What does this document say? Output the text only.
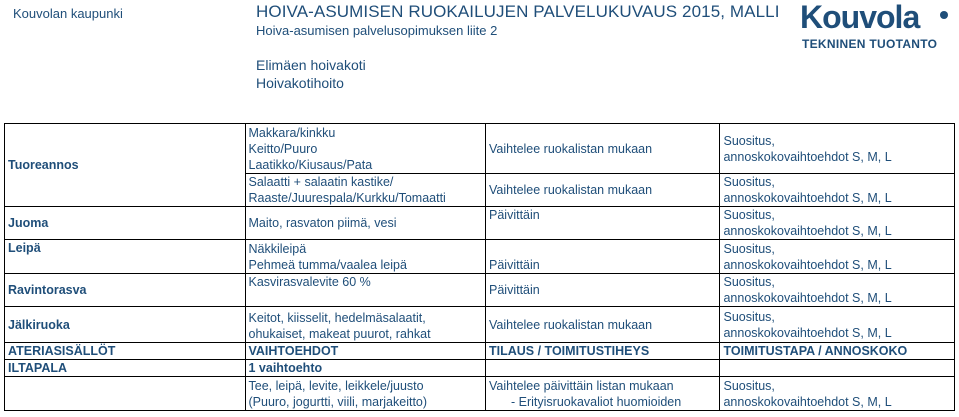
Kouvolan kaupunki	HOIVA-ASUMISEN RUOKAILUJEN PALVELUKUVAUS 2015, MALLI
Hoiva-asumisen palvelusopimuksen liite 2
Elimäen hoivakoti
Hoivakotihoito
Kouvola
TEKNINEN TUOTANTO
Tuoreannos	Makkara/kinkku
Keitto/Puuro
Laatikko/Kiusaus/Pata	Vaihtelee ruokalistan mukaan	Suositus,
annoskokovaihtoehdot S, M, L

	Salaatti + salaatin kastike/
Raaste/Juurespala/Kurkku/Tomaatti	Vaihtelee ruokalistan mukaan	Suositus,
annoskokovaihtoehdot S, M, L

Juoma	Maito, rasvaton piimä, vesi	Päivittäin	Suositus,
annoskokovaihtoehdot S, M, L

Leipä	Näkkileipä
Pehmeä tumma/vaalea leipä	Päivittäin	Suositus,
annoskokovaihtoehdot S, M, L

Ravintorasva	Kasvirasvalevite 60 %	Päivittäin	Suositus,
annoskokovaihtoehdot S, M, L

Jälkiruoka	Keitot, kiisselit, hedelmäsalaatit,
ohukaiset, makeat puurot, rahkat	Vaihtelee ruokalistan mukaan	Suositus,
annoskokovaihtoehdot S, M, L

ATERIASISÄLLÖT	VAIHTOEHDOT	TILAUS / TOIMITUSTIHEYS	TOIMITUSTAPA / ANNOSKOKO
ILTAPALA	1 vaihtoehto		

	Tee, leipä, levite, leikkele/juusto
(Puuro, jogurtti, viili, marjakeitto)	Vaihtelee päivittäin listan mukaan
- Erityisruokavaliot huomioiden	Suositus,
annoskokovaihtoehdot S, M, L
